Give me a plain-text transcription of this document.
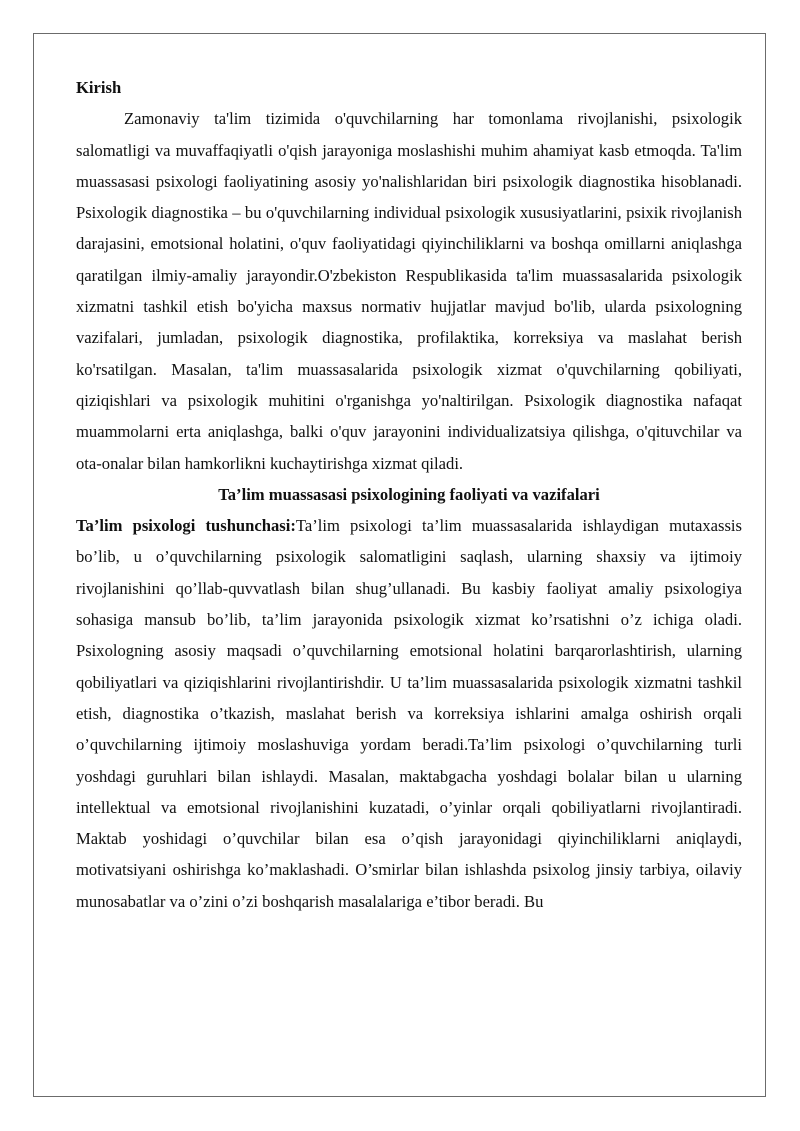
Kirish

Zamonaviy ta'lim tizimida o'quvchilarning har tomonlama rivojlanishi, psixologik salomatligi va muvaffaqiyatli o'qish jarayoniga moslashishi muhim ahamiyat kasb etmoqda. Ta'lim muassasasi psixologi faoliyatining asosiy yo'nalishlaridan biri psixologik diagnostika hisoblanadi. Psixologik diagnostika – bu o'quvchilarning individual psixologik xususiyatlarini, psixik rivojlanish darajasini, emotsional holatini, o'quv faoliyatidagi qiyinchiliklarni va boshqa omillarni aniqlashga qaratilgan ilmiy-amaliy jarayondir.O'zbekiston Respublikasida ta'lim muassasalarida psixologik xizmatni tashkil etish bo'yicha maxsus normativ hujjatlar mavjud bo'lib, ularda psixologning vazifalari, jumladan, psixologik diagnostika, profilaktika, korreksiya va maslahat berish ko'rsatilgan. Masalan, ta'lim muassasalarida psixologik xizmat o'quvchilarning qobiliyati, qiziqishlari va psixologik muhitini o'rganishga yo'naltirilgan. Psixologik diagnostika nafaqat muammolarni erta aniqlashga, balki o'quv jarayonini individualizatsiya qilishga, o'qituvchilar va ota-onalar bilan hamkorlikni kuchaytirishga xizmat qiladi.

Ta’lim muassasasi psixologining faoliyati va vazifalari

Ta’lim psixologi tushunchasi:Ta’lim psixologi ta’lim muassasalarida ishlaydigan mutaxassis bo’lib, u o’quvchilarning psixologik salomatligini saqlash, ularning shaxsiy va ijtimoiy rivojlanishini qo’llab-quvvatlash bilan shug’ullanadi. Bu kasbiy faoliyat amaliy psixologiya sohasiga mansub bo’lib, ta’lim jarayonida psixologik xizmat ko’rsatishni o’z ichiga oladi. Psixologning asosiy maqsadi o’quvchilarning emotsional holatini barqarorlashtirish, ularning qobiliyatlari va qiziqishlarini rivojlantirishdir. U ta’lim muassasalarida psixologik xizmatni tashkil etish, diagnostika o’tkazish, maslahat berish va korreksiya ishlarini amalga oshirish orqali o’quvchilarning ijtimoiy moslashuviga yordam beradi.Ta’lim psixologi o’quvchilarning turli yoshdagi guruhlari bilan ishlaydi. Masalan, maktabgacha yoshdagi bolalar bilan u ularning intellektual va emotsional rivojlanishini kuzatadi, o’yinlar orqali qobiliyatlarni rivojlantiradi. Maktab yoshidagi o’quvchilar bilan esa o’qish jarayonidagi qiyinchiliklarni aniqlaydi, motivatsiyani oshirishga ko’maklashadi. O’smirlar bilan ishlashda psixolog jinsiy tarbiya, oilaviy munosabatlar va o’zini o’zi boshqarish masalalariga e’tibor beradi. Bu
